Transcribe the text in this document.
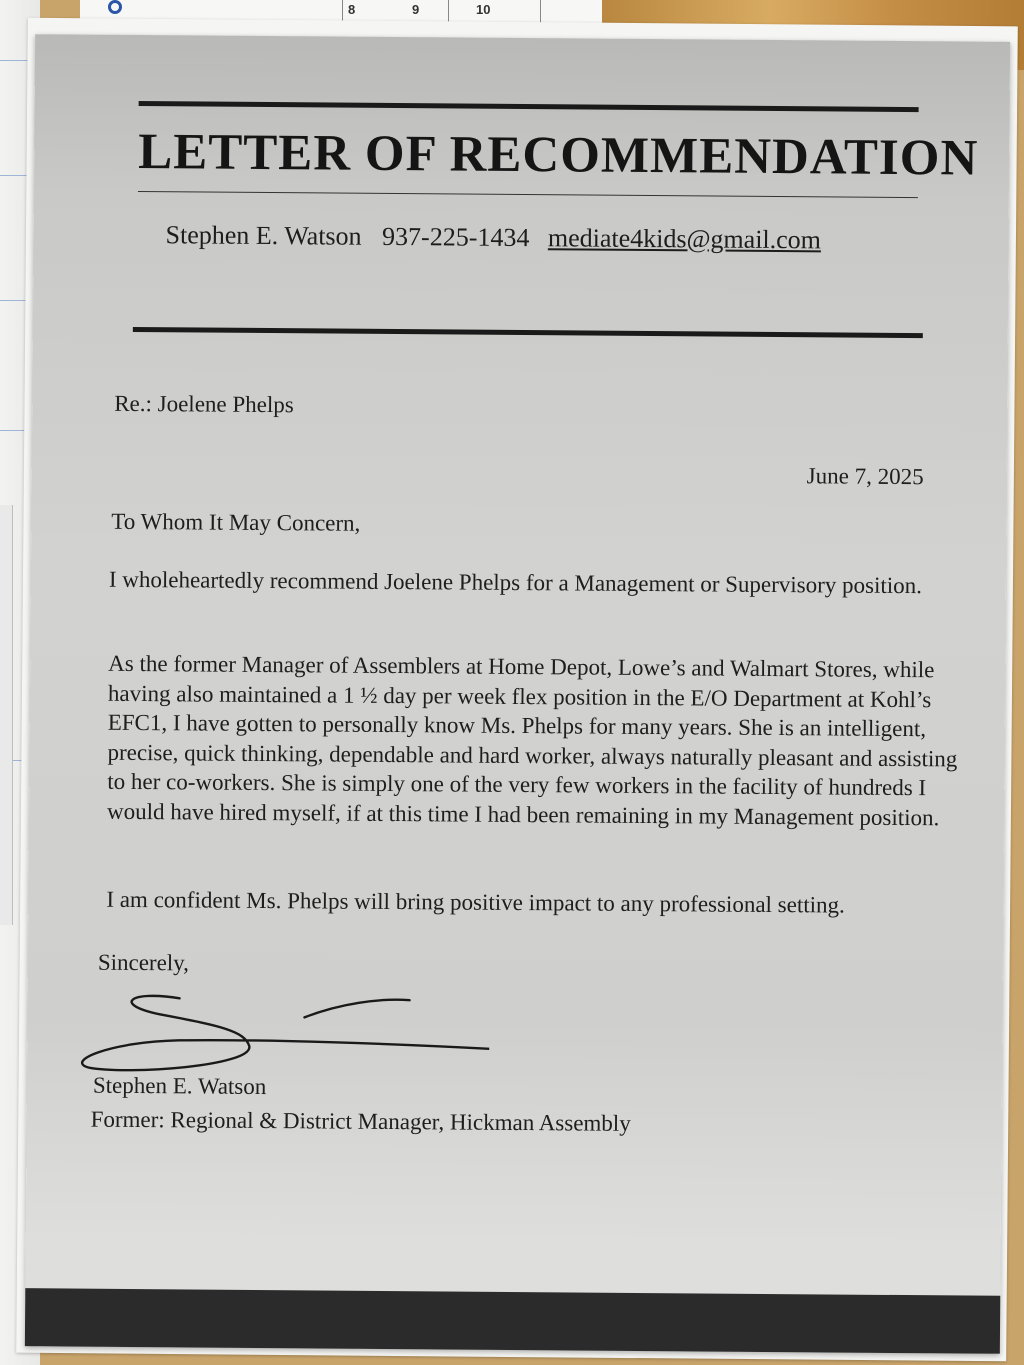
8	9	10
LETTER OF RECOMMENDATION
Stephen E. Watson 937-225-1434 mediate4kids@gmail.com
Re.: Joelene Phelps
June 7, 2025
To Whom It May Concern,
I wholeheartedly recommend Joelene Phelps for a Management or Supervisory position.
As the former Manager of Assemblers at Home Depot, Lowe’s and Walmart Stores, while having also maintained a 1 ½ day per week flex position in the E/O Department at Kohl’s EFC1, I have gotten to personally know Ms. Phelps for many years. She is an intelligent, precise, quick thinking, dependable and hard worker, always naturally pleasant and assisting to her co-workers. She is simply one of the very few workers in the facility of hundreds I would have hired myself, if at this time I had been remaining in my Management position.
I am confident Ms. Phelps will bring positive impact to any professional setting.
Sincerely,
Stephen E. Watson
Former: Regional & District Manager, Hickman Assembly
